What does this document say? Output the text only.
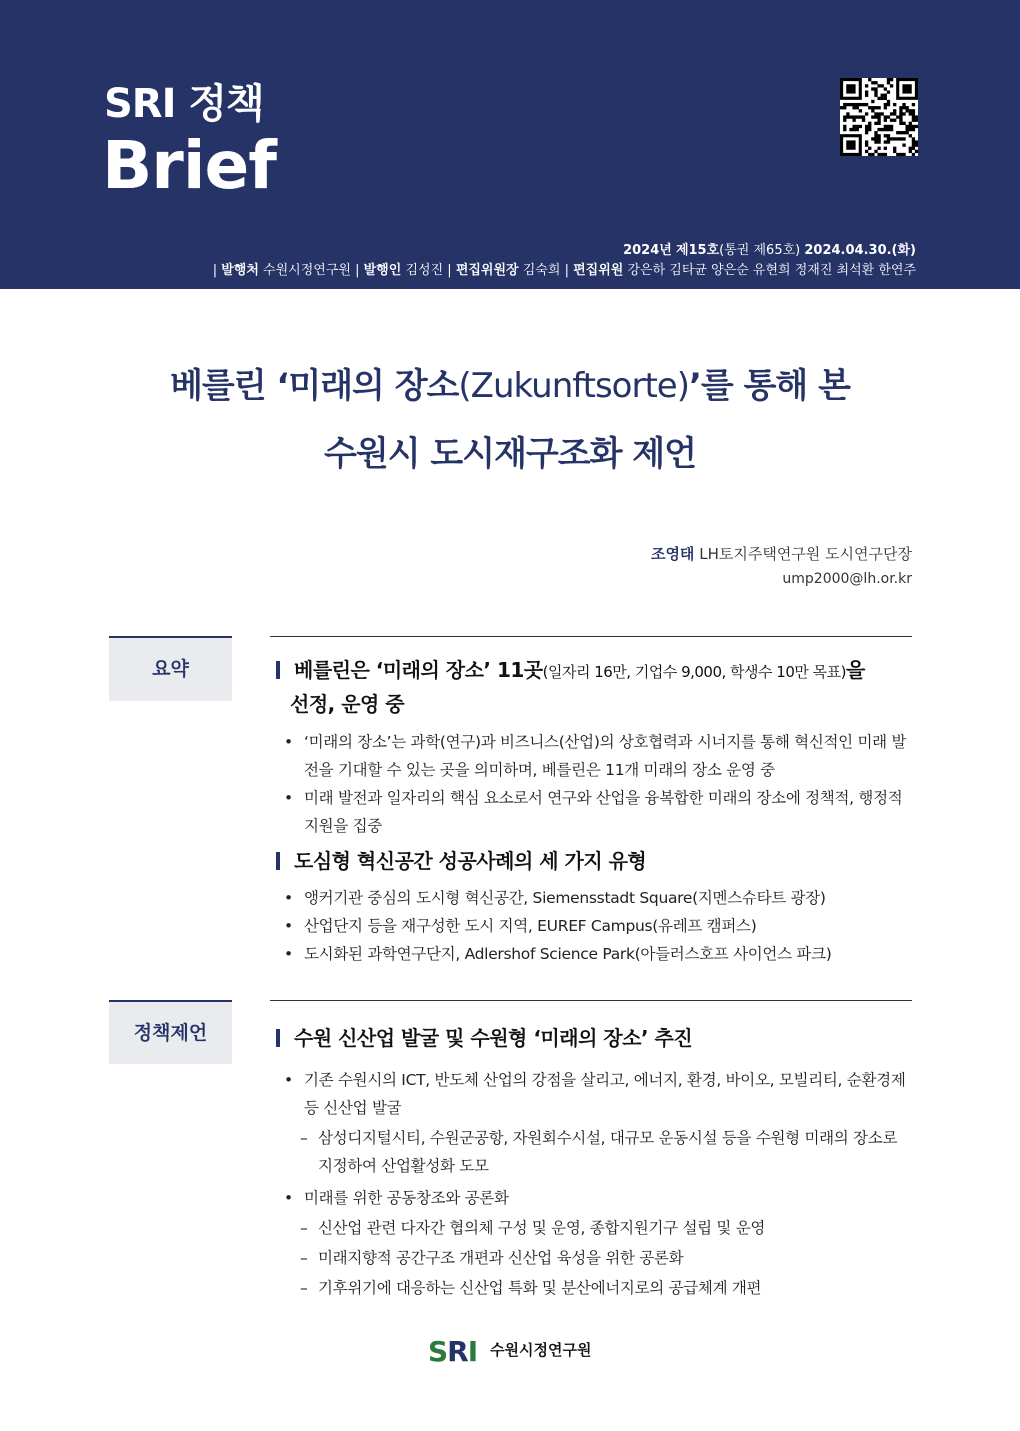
SRI 정책
Brief
2024년 제15호(통권 제65호) 2024.04.30.(화)
| 발행처 수원시정연구원 | 발행인 김성진 | 편집위원장 김숙희 | 편집위원 강은하 김타균 양은순 유현희 정재진 최석환 한연주
베를린 ‘미래의 장소(Zukunftsorte)’를 통해 본
수원시 도시재구조화 제언
조영태 LH토지주택연구원 도시연구단장
ump2000@lh.or.kr
요약	베를린은 ‘미래의 장소’ 11곳(일자리 16만, 기업수 9,000, 학생수 10만 목표)을
선정, 운영 중
• ‘미래의 장소’는 과학(연구)과 비즈니스(산업)의 상호협력과 시너지를 통해 혁신적인 미래 발전을 기대할 수 있는 곳을 의미하며, 베를린은 11개 미래의 장소 운영 중
• 미래 발전과 일자리의 핵심 요소로서 연구와 산업을 융복합한 미래의 장소에 정책적, 행정적 지원을 집중
도심형 혁신공간 성공사례의 세 가지 유형
• 앵커기관 중심의 도시형 혁신공간, Siemensstadt Square(지멘스슈타트 광장)
• 산업단지 등을 재구성한 도시 지역, EUREF Campus(유레프 캠퍼스)
• 도시화된 과학연구단지, Adlershof Science Park(아들러스호프 사이언스 파크)
정책제언	수원 신산업 발굴 및 수원형 ‘미래의 장소’ 추진
• 기존 수원시의 ICT, 반도체 산업의 강점을 살리고, 에너지, 환경, 바이오, 모빌리티, 순환경제 등 신산업 발굴
– 삼성디지털시티, 수원군공항, 자원회수시설, 대규모 운동시설 등을 수원형 미래의 장소로 지정하여 산업활성화 도모
• 미래를 위한 공동창조와 공론화
– 신산업 관련 다자간 협의체 구성 및 운영, 종합지원기구 설립 및 운영
– 미래지향적 공간구조 개편과 신산업 육성을 위한 공론화
– 기후위기에 대응하는 신산업 특화 및 분산에너지로의 공급체계 개편
SRI 수원시정연구원
